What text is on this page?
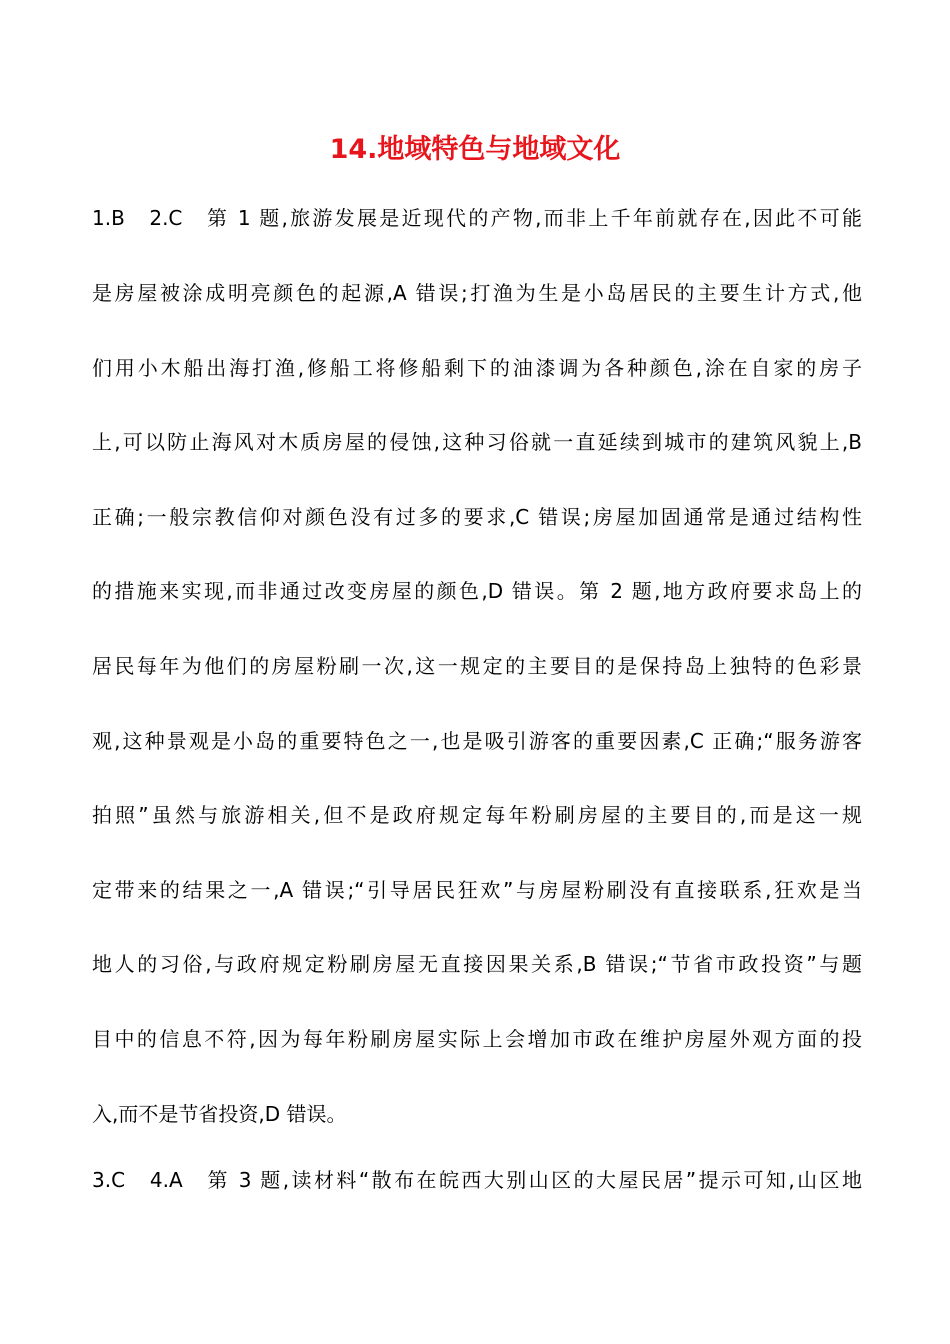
14.地域特色与地域文化
1.B　2.C　第 1 题,旅游发展是近现代的产物,而非上千年前就存在,因此不可能
是房屋被涂成明亮颜色的起源,A 错误;打渔为生是小岛居民的主要生计方式,他
们用小木船出海打渔,修船工将修船剩下的油漆调为各种颜色,涂在自家的房子
上,可以防止海风对木质房屋的侵蚀,这种习俗就一直延续到城市的建筑风貌上,B
正确;一般宗教信仰对颜色没有过多的要求,C 错误;房屋加固通常是通过结构性
的措施来实现,而非通过改变房屋的颜色,D 错误。第 2 题,地方政府要求岛上的
居民每年为他们的房屋粉刷一次,这一规定的主要目的是保持岛上独特的色彩景
观,这种景观是小岛的重要特色之一,也是吸引游客的重要因素,C 正确;“服务游客
拍照”虽然与旅游相关,但不是政府规定每年粉刷房屋的主要目的,而是这一规
定带来的结果之一,A 错误;“引导居民狂欢”与房屋粉刷没有直接联系,狂欢是当
地人的习俗,与政府规定粉刷房屋无直接因果关系,B 错误;“节省市政投资”与题
目中的信息不符,因为每年粉刷房屋实际上会增加市政在维护房屋外观方面的投
入,而不是节省投资,D 错误。
3.C　4.A　第 3 题,读材料“散布在皖西大别山区的大屋民居”提示可知,山区地
